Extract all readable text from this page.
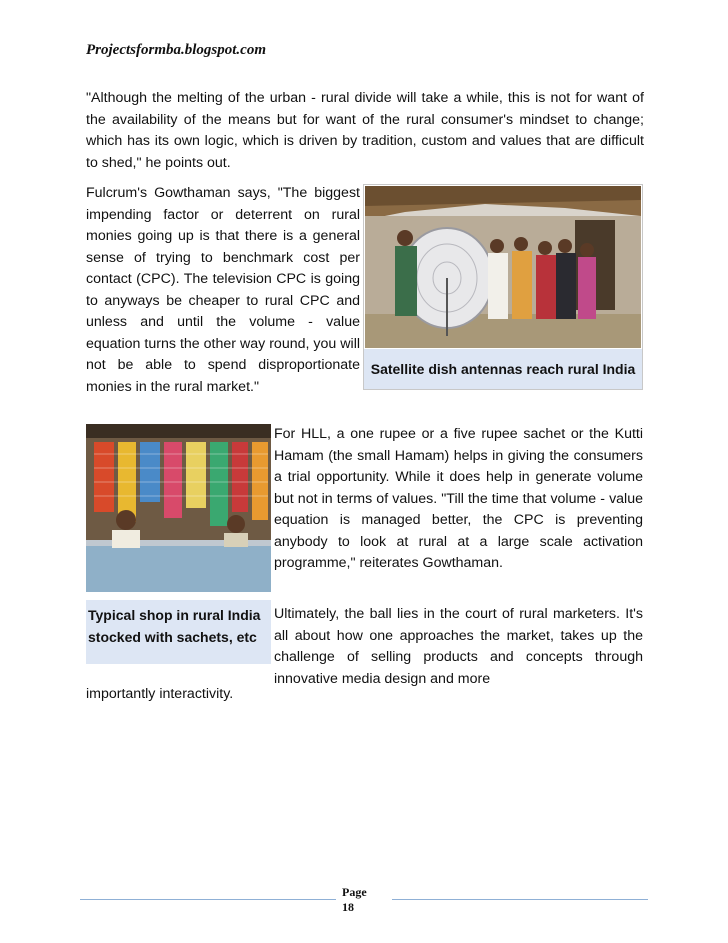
Projectsformba.blogspot.com

"Although the melting of the urban - rural divide will take a while, this is not for want of the availability of the means but for want of the rural consumer's mindset to change; which has its own logic, which is driven by tradition, custom and values that are difficult to shed," he points out.

Fulcrum's Gowthaman says, "The biggest impending factor or deterrent on rural monies going up is that there is a general sense of trying to benchmark cost per contact (CPC). The television CPC is going to anyways be cheaper to rural CPC and unless and until the volume - value equation turns the other way round, you will not be able to spend disproportionate monies in the rural market."

Satellite dish antennas reach rural India
Typical shop in rural India stocked with sachets, etc

For HLL, a one rupee or a five rupee sachet or the Kutti Hamam (the small Hamam) helps in giving the consumers a trial opportunity. While it does help in generate volume but not in terms of values. "Till the time that volume - value equation is managed better, the CPC is preventing anybody to look at rural at a large scale activation programme," reiterates Gowthaman.

Ultimately, the ball lies in the court of rural marketers. It's all about how one approaches the market, takes up the challenge of selling products and concepts through innovative media design and more

importantly interactivity.

Page
18
